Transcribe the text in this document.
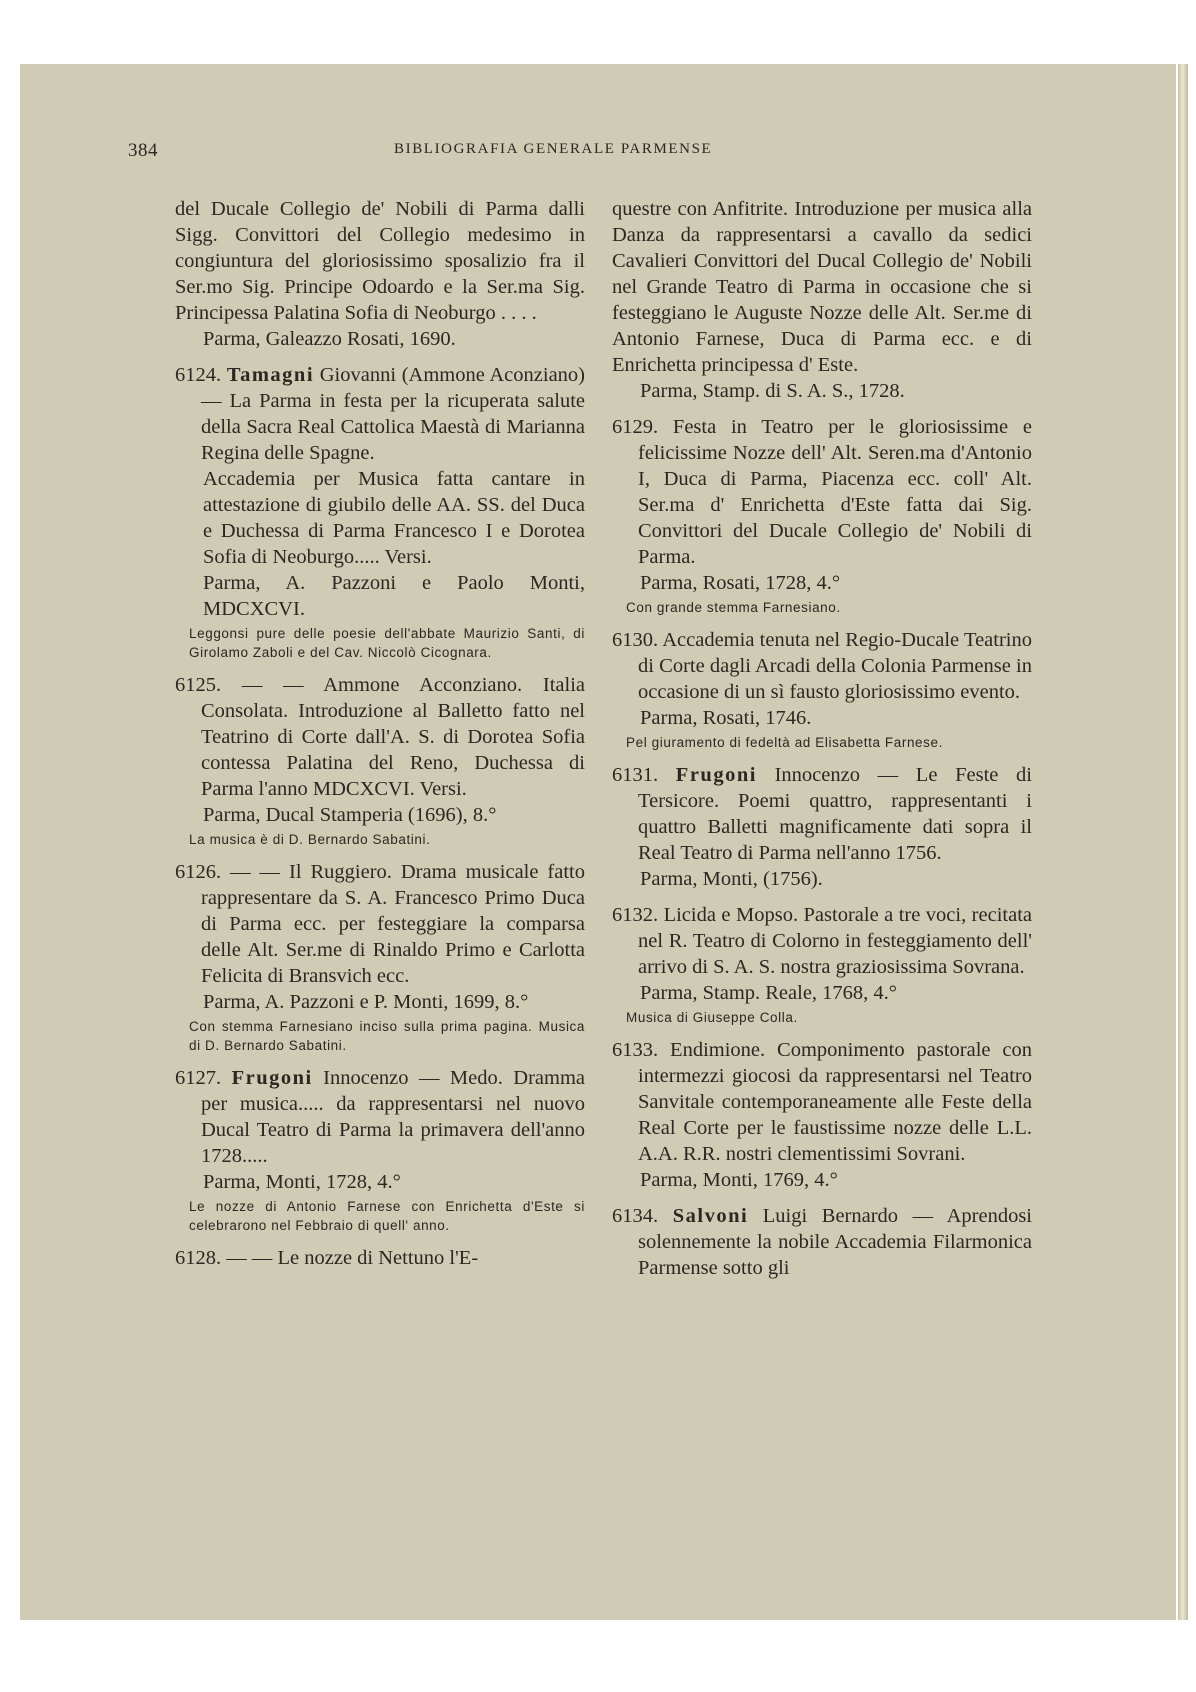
384	BIBLIOGRAFIA GENERALE PARMENSE
del Ducale Collegio de' Nobili di Parma dalli Sigg. Convittori del Collegio medesimo in congiuntura del gloriosissimo sposalizio fra il Ser.mo Sig. Principe Odoardo e la Ser.ma Sig. Principessa Palatina Sofia di Neoburgo . . . .
Parma, Galeazzo Rosati, 1690.
6124. Tamagni Giovanni (Ammone Aconziano) — La Parma in festa per la ricuperata salute della Sacra Real Cattolica Maestà di Marianna Regina delle Spagne.
Accademia per Musica fatta cantare in attestazione di giubilo delle AA. SS. del Duca e Duchessa di Parma Francesco I e Dorotea Sofia di Neoburgo..... Versi.
Parma, A. Pazzoni e Paolo Monti, MDCXCVI.
Leggonsi pure delle poesie dell'abbate Maurizio Santi, di Girolamo Zaboli e del Cav. Niccolò Cicognara.
6125. — — Ammone Acconziano. Italia Consolata. Introduzione al Balletto fatto nel Teatrino di Corte dall'A. S. di Dorotea Sofia contessa Palatina del Reno, Duchessa di Parma l'anno MDCXCVI. Versi.
Parma, Ducal Stamperia (1696), 8.°
La musica è di D. Bernardo Sabatini.
6126. — — Il Ruggiero. Drama musicale fatto rappresentare da S. A. Francesco Primo Duca di Parma ecc. per festeggiare la comparsa delle Alt. Ser.me di Rinaldo Primo e Carlotta Felicita di Bransvich ecc.
Parma, A. Pazzoni e P. Monti, 1699, 8.°
Con stemma Farnesiano inciso sulla prima pagina. Musica di D. Bernardo Sabatini.
6127. Frugoni Innocenzo — Medo. Dramma per musica..... da rappresentarsi nel nuovo Ducal Teatro di Parma la primavera dell'anno 1728.....
Parma, Monti, 1728, 4.°
Le nozze di Antonio Farnese con Enrichetta d'Este si celebrarono nel Febbraio di quell' anno.
6128. — — Le nozze di Nettuno l'E-
questre con Anfitrite. Introduzione per musica alla Danza da rappresentarsi a cavallo da sedici Cavalieri Convittori del Ducal Collegio de' Nobili nel Grande Teatro di Parma in occasione che si festeggiano le Auguste Nozze delle Alt. Ser.me di Antonio Farnese, Duca di Parma ecc. e di Enrichetta principessa d' Este.
Parma, Stamp. di S. A. S., 1728.
6129. Festa in Teatro per le gloriosissime e felicissime Nozze dell' Alt. Seren.ma d'Antonio I, Duca di Parma, Piacenza ecc. coll' Alt. Ser.ma d' Enrichetta d'Este fatta dai Sig. Convittori del Ducale Collegio de' Nobili di Parma.
Parma, Rosati, 1728, 4.°
Con grande stemma Farnesiano.
6130. Accademia tenuta nel Regio-Ducale Teatrino di Corte dagli Arcadi della Colonia Parmense in occasione di un sì fausto gloriosissimo evento.
Parma, Rosati, 1746.
Pel giuramento di fedeltà ad Elisabetta Farnese.
6131. Frugoni Innocenzo — Le Feste di Tersicore. Poemi quattro, rappresentanti i quattro Balletti magnificamente dati sopra il Real Teatro di Parma nell'anno 1756.
Parma, Monti, (1756).
6132. Licida e Mopso. Pastorale a tre voci, recitata nel R. Teatro di Colorno in festeggiamento dell' arrivo di S. A. S. nostra graziosissima Sovrana.
Parma, Stamp. Reale, 1768, 4.°
Musica di Giuseppe Colla.
6133. Endimione. Componimento pastorale con intermezzi giocosi da rappresentarsi nel Teatro Sanvitale contemporaneamente alle Feste della Real Corte per le faustissime nozze delle L.L. A.A. R.R. nostri clementissimi Sovrani.
Parma, Monti, 1769, 4.°
6134. Salvoni Luigi Bernardo — Aprendosi solennemente la nobile Accademia Filarmonica Parmense sotto gli
